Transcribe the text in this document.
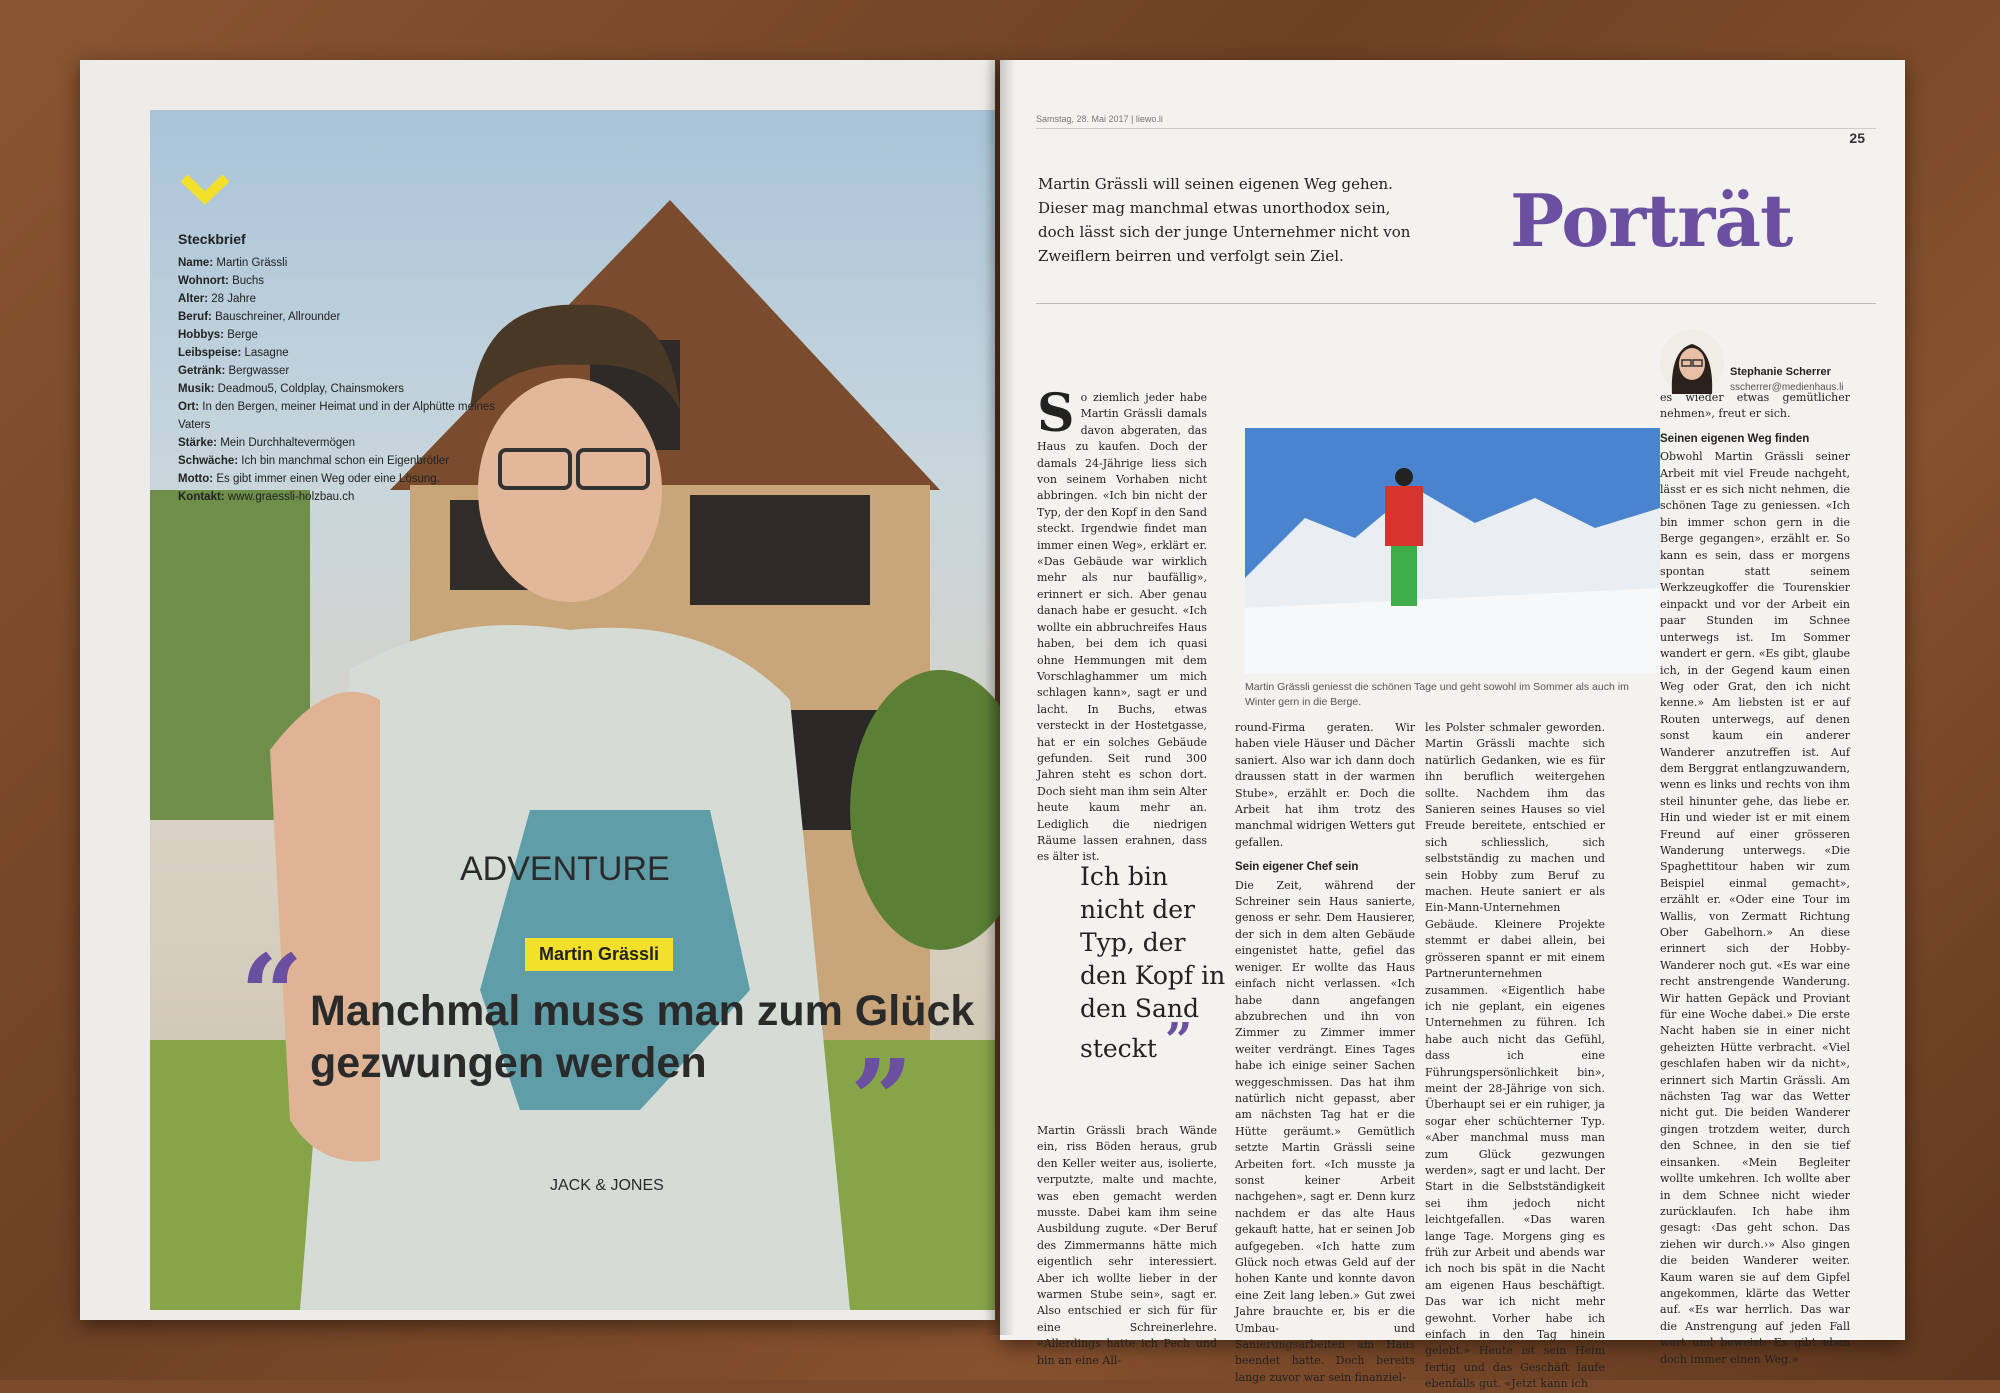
ADVENTURE
JACK & JONES
Steckbrief
Name: Martin Grässli
Wohnort: Buchs
Alter: 28 Jahre
Beruf: Bauschreiner, Allrounder
Hobbys: Berge
Leibspeise: Lasagne
Getränk: Bergwasser
Musik: Deadmou5, Coldplay, Chainsmokers
Ort: In den Bergen, meiner Heimat und in der Alphütte meines Vaters
Stärke: Mein Durchhaltevermögen
Schwäche: Ich bin manchmal schon ein Eigenbrötler
Motto: Es gibt immer einen Weg oder eine Lösung.
Kontakt: www.graessli-holzbau.ch
Martin Grässli
“ Manchmal muss man zum Glück gezwungen werden	”
Samstag, 28. Mai 2017 | liewo.li
25
Martin Grässli will seinen eigenen Weg gehen. Dieser mag manchmal etwas unorthodox sein, doch lässt sich der junge Unternehmer nicht von Zweiflern beirren und verfolgt sein Ziel.	Porträt
Stephanie Scherrer
sscherrer@medienhaus.li

So ziemlich jeder habe Martin Grässli damals davon abgeraten, das Haus zu kaufen. Doch der damals 24-Jährige liess sich von seinem Vorhaben nicht abbringen. «Ich bin nicht der Typ, der den Kopf in den Sand steckt. Irgendwie findet man immer einen Weg», erklärt er. «Das Gebäude war wirklich mehr als nur baufällig», erinnert er sich. Aber genau danach habe er gesucht. «Ich wollte ein abbruchreifes Haus haben, bei dem ich quasi ohne Hemmungen mit dem Vorschlaghammer um mich schlagen kann», sagt er und lacht. In Buchs, etwas versteckt in der Hostetgasse, hat er ein solches Gebäude gefunden. Seit rund 300 Jahren steht es schon dort. Doch sieht man ihm sein Alter heute kaum mehr an. Lediglich die niedrigen Räume lassen erahnen, dass es älter ist.

Martin Grässli geniesst die schönen Tage und geht sowohl im Sommer als auch im Winter gern in die Berge.
Ich bin nicht der Typ, der den Kopf in den Sand steckt ”

Martin Grässli brach Wände ein, riss Böden heraus, grub den Keller weiter aus, isolierte, verputzte, malte und machte, was eben gemacht werden musste. Dabei kam ihm seine Ausbildung zugute. «Der Beruf des Zimmermanns hätte mich eigentlich sehr interessiert. Aber ich wollte lieber in der warmen Stube sein», sagt er. Also entschied er sich für für eine Schreinerlehre. «Allerdings hatte ich Pech und bin an eine All-

round-Firma geraten. Wir haben viele Häuser und Dächer saniert. Also war ich dann doch draussen statt in der warmen Stube», erzählt er. Doch die Arbeit hat ihm trotz des manchmal widrigen Wetters gut gefallen.

Sein eigener Chef sein

Die Zeit, während der Schreiner sein Haus sanierte, genoss er sehr. Dem Hausierer, der sich in dem alten Gebäude eingenistet hatte, gefiel das weniger. Er wollte das Haus einfach nicht verlassen. «Ich habe dann angefangen abzubrechen und ihn von Zimmer zu Zimmer immer weiter verdrängt. Eines Tages habe ich einige seiner Sachen weggeschmissen. Das hat ihm natürlich nicht gepasst, aber am nächsten Tag hat er die Hütte geräumt.» Gemütlich setzte Martin Grässli seine Arbeiten fort. «Ich musste ja sonst keiner Arbeit nachgehen», sagt er. Denn kurz nachdem er das alte Haus gekauft hatte, hat er seinen Job aufgegeben. «Ich hatte zum Glück noch etwas Geld auf der hohen Kante und konnte davon eine Zeit lang leben.» Gut zwei Jahre brauchte er, bis er die Umbau- und Sanierungsarbeiten am Haus beendet hatte. Doch bereits lange zuvor war sein finanziel-

les Polster schmaler geworden. Martin Grässli machte sich natürlich Gedanken, wie es für ihn beruflich weitergehen sollte. Nachdem ihm das Sanieren seines Hauses so viel Freude bereitete, entschied er sich schliesslich, sich selbstständig zu machen und sein Hobby zum Beruf zu machen. Heute saniert er als Ein-Mann-Unternehmen Gebäude. Kleinere Projekte stemmt er dabei allein, bei grösseren spannt er mit einem Partnerunternehmen zusammen. «Eigentlich habe ich nie geplant, ein eigenes Unternehmen zu führen. Ich habe auch nicht das Gefühl, dass ich eine Führungspersönlichkeit bin», meint der 28-Jährige von sich. Überhaupt sei er ein ruhiger, ja sogar eher schüchterner Typ. «Aber manchmal muss man zum Glück gezwungen werden», sagt er und lacht. Der Start in die Selbstständigkeit sei ihm jedoch nicht leichtgefallen. «Das waren lange Tage. Morgens ging es früh zur Arbeit und abends war ich noch bis spät in die Nacht am eigenen Haus beschäftigt. Das war ich nicht mehr gewohnt. Vorher habe ich einfach in den Tag hinein gelebt.» Heute ist sein Heim fertig und das Geschäft laufe ebenfalls gut. «Jetzt kann ich

es wieder etwas gemütlicher nehmen», freut er sich.

Seinen eigenen Weg finden

Obwohl Martin Grässli seiner Arbeit mit viel Freude nachgeht, lässt er es sich nicht nehmen, die schönen Tage zu geniessen. «Ich bin immer schon gern in die Berge gegangen», erzählt er. So kann es sein, dass er morgens spontan statt seinem Werkzeugkoffer die Tourenskier einpackt und vor der Arbeit ein paar Stunden im Schnee unterwegs ist. Im Sommer wandert er gern. «Es gibt, glaube ich, in der Gegend kaum einen Weg oder Grat, den ich nicht kenne.» Am liebsten ist er auf Routen unterwegs, auf denen sonst kaum ein anderer Wanderer anzutreffen ist. Auf dem Berggrat entlangzuwandern, wenn es links und rechts von ihm steil hinunter gehe, das liebe er. Hin und wieder ist er mit einem Freund auf einer grösseren Wanderung unterwegs. «Die Spaghettitour haben wir zum Beispiel einmal gemacht», erzählt er. «Oder eine Tour im Wallis, von Zermatt Richtung Ober Gabelhorn.» An diese erinnert sich der Hobby-Wanderer noch gut. «Es war eine recht anstrengende Wanderung. Wir hatten Gepäck und Proviant für eine Woche dabei.» Die erste Nacht haben sie in einer nicht geheizten Hütte verbracht. «Viel geschlafen haben wir da nicht», erinnert sich Martin Grässli. Am nächsten Tag war das Wetter nicht gut. Die beiden Wanderer gingen trotzdem weiter, durch den Schnee, in den sie tief einsanken. «Mein Begleiter wollte umkehren. Ich wollte aber in dem Schnee nicht wieder zurücklaufen. Ich habe ihm gesagt: ‹Das geht schon. Das ziehen wir durch.›» Also gingen die beiden Wanderer weiter. Kaum waren sie auf dem Gipfel angekommen, klärte das Wetter auf. «Es war herrlich. Das war die Anstrengung auf jeden Fall wert und beweist: Es gibt eben doch immer einen Weg.»
